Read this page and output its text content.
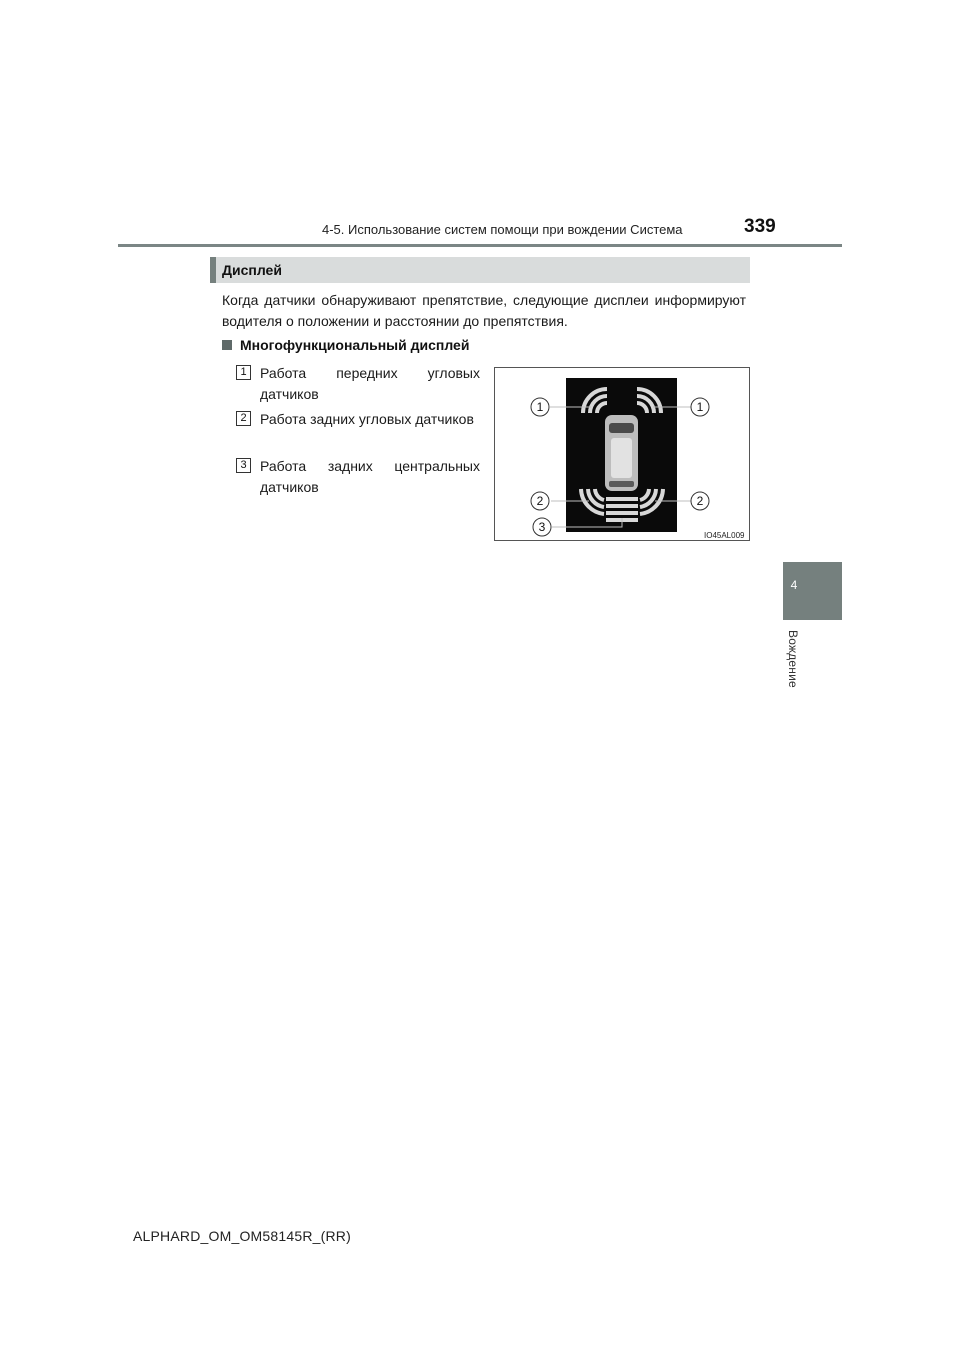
4-5. Использование систем помощи при вождении Система	339
4
Вождение
Дисплей
Когда датчики обнаруживают препятствие, следующие дисплеи информируют водителя о положении и расстоянии до препятствия.
Многофункциональный дисплей
1 Работа передних угловых датчиков
2 Работа задних угловых датчиков
3 Работа задних центральных датчиков
1	1
2	2
3
IO45AL009
ALPHARD_OM_OM58145R_(RR)
